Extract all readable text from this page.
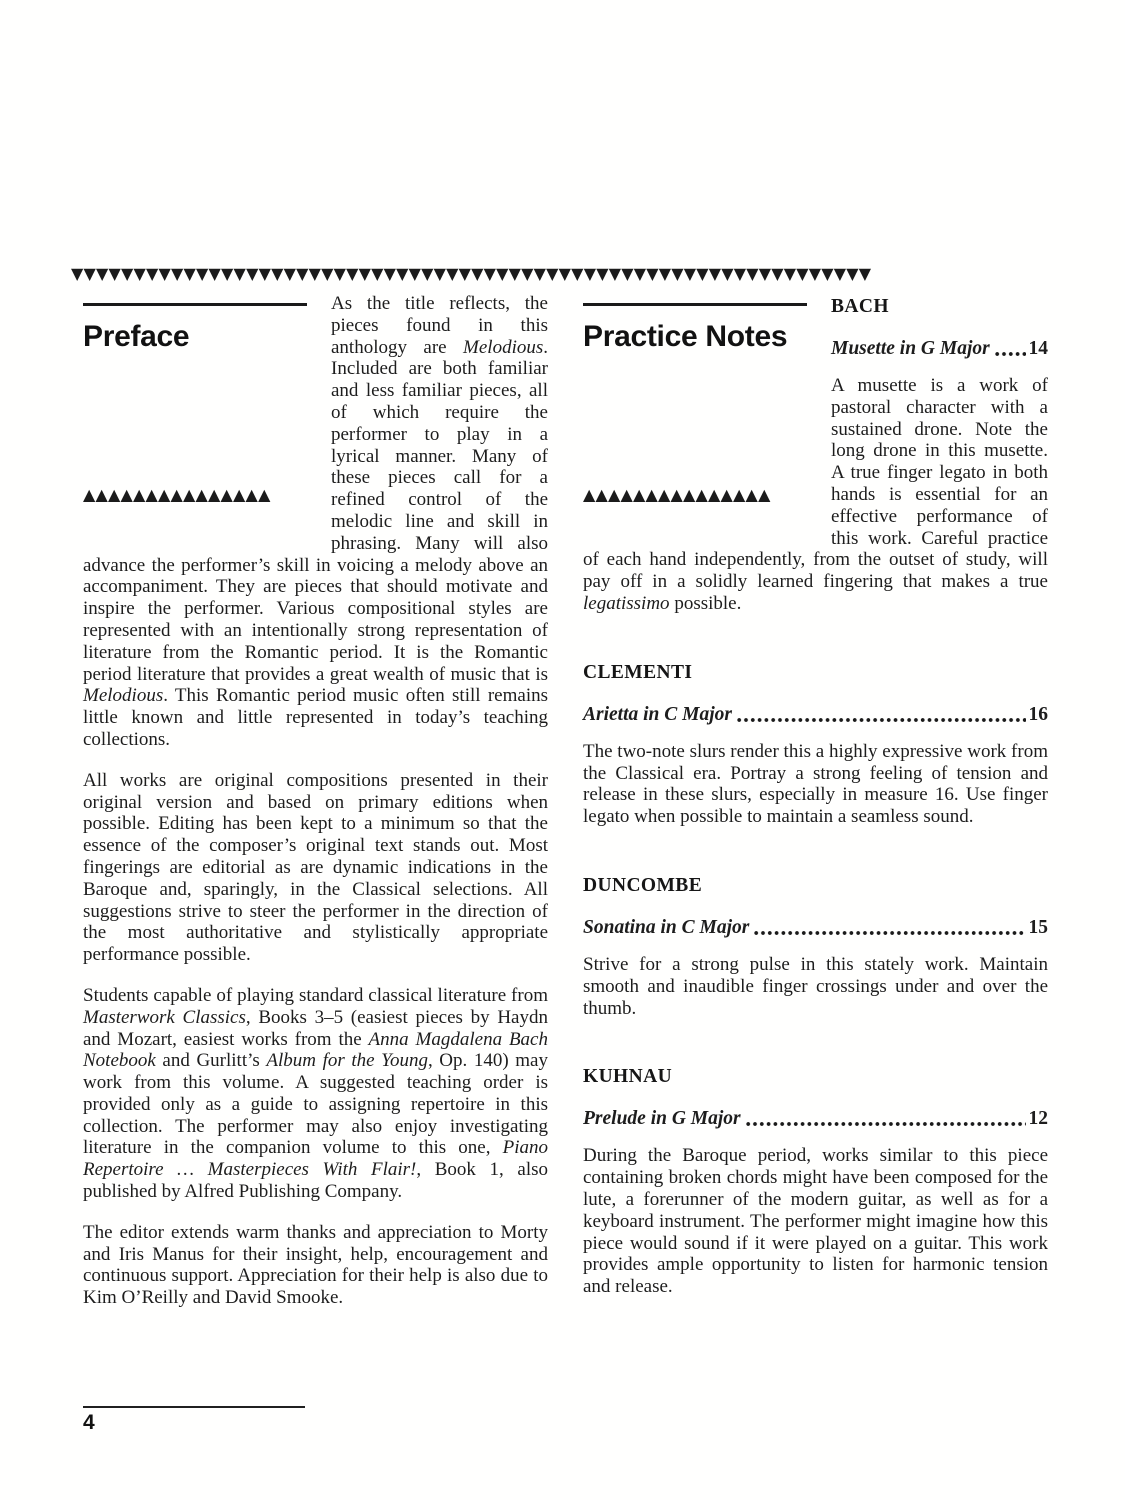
▼▼▼▼▼▼▼▼▼▼▼▼▼▼▼▼▼▼▼▼▼▼▼▼▼▼▼▼▼▼▼▼▼▼▼▼▼▼▼▼▼▼▼▼▼▼▼▼▼▼▼▼▼▼▼▼▼▼▼▼▼▼▼▼
Preface
▲▲▲▲▲▲▲▲▲▲▲▲▲▲▲

As the title reflects, the pieces found in this anthology are Melodious. Included are both familiar and less familiar pieces, all of which require the performer to play in a lyrical manner. Many of these pieces call for a refined control of the melodic line and skill in phrasing. Many will also advance the performer’s skill in voicing a melody above an accompaniment. They are pieces that should motivate and inspire the performer. Various compositional styles are represented with an intentionally strong representation of literature from the Romantic period. It is the Romantic period literature that provides a great wealth of music that is Melodious. This Romantic period music often still remains little known and little represented in today’s teaching collections.

All works are original compositions presented in their original version and based on primary editions when possible. Editing has been kept to a minimum so that the essence of the composer’s original text stands out. Most fingerings are editorial as are dynamic indications in the Baroque and, sparingly, in the Classical selections. All suggestions strive to steer the performer in the direction of the most authoritative and stylistically appropriate performance possible.

Students capable of playing standard classical literature from Masterwork Classics, Books 3–5 (easiest pieces by Haydn and Mozart, easiest works from the Anna Magdalena Bach Notebook and Gurlitt’s Album for the Young, Op. 140) may work from this volume. A suggested teaching order is provided only as a guide to assigning repertoire in this collection. The performer may also enjoy investigating literature in the companion volume to this one, Piano Repertoire … Masterpieces With Flair!, Book 1, also published by Alfred Publishing Company.

The editor extends warm thanks and appreciation to Morty and Iris Manus for their insight, help, encouragement and continuous support. Appreciation for their help is also due to Kim O’Reilly and David Smooke.

Practice Notes
▲▲▲▲▲▲▲▲▲▲▲▲▲▲▲
BACH
Musette in G Major 14

A musette is a work of pastoral character with a sustained drone. Note the long drone in this musette. A true finger legato in both hands is essential for an effective performance of this work. Careful practice of each hand independently, from the outset of study, will pay off in a solidly learned fingering that makes a true legatissimo possible.

CLEMENTI
Arietta in C Major	16

The two-note slurs render this a highly expressive work from the Classical era. Portray a strong feeling of tension and release in these slurs, especially in measure 16. Use finger legato when possible to maintain a seamless sound.

DUNCOMBE
Sonatina in C Major	15

Strive for a strong pulse in this stately work. Maintain smooth and inaudible finger crossings under and over the thumb.

KUHNAU
Prelude in G Major	12

During the Baroque period, works similar to this piece containing broken chords might have been composed for the lute, a forerunner of the modern guitar, as well as for a keyboard instrument. The performer might imagine how this piece would sound if it were played on a guitar. This work provides ample opportunity to listen for harmonic tension and release.

4
